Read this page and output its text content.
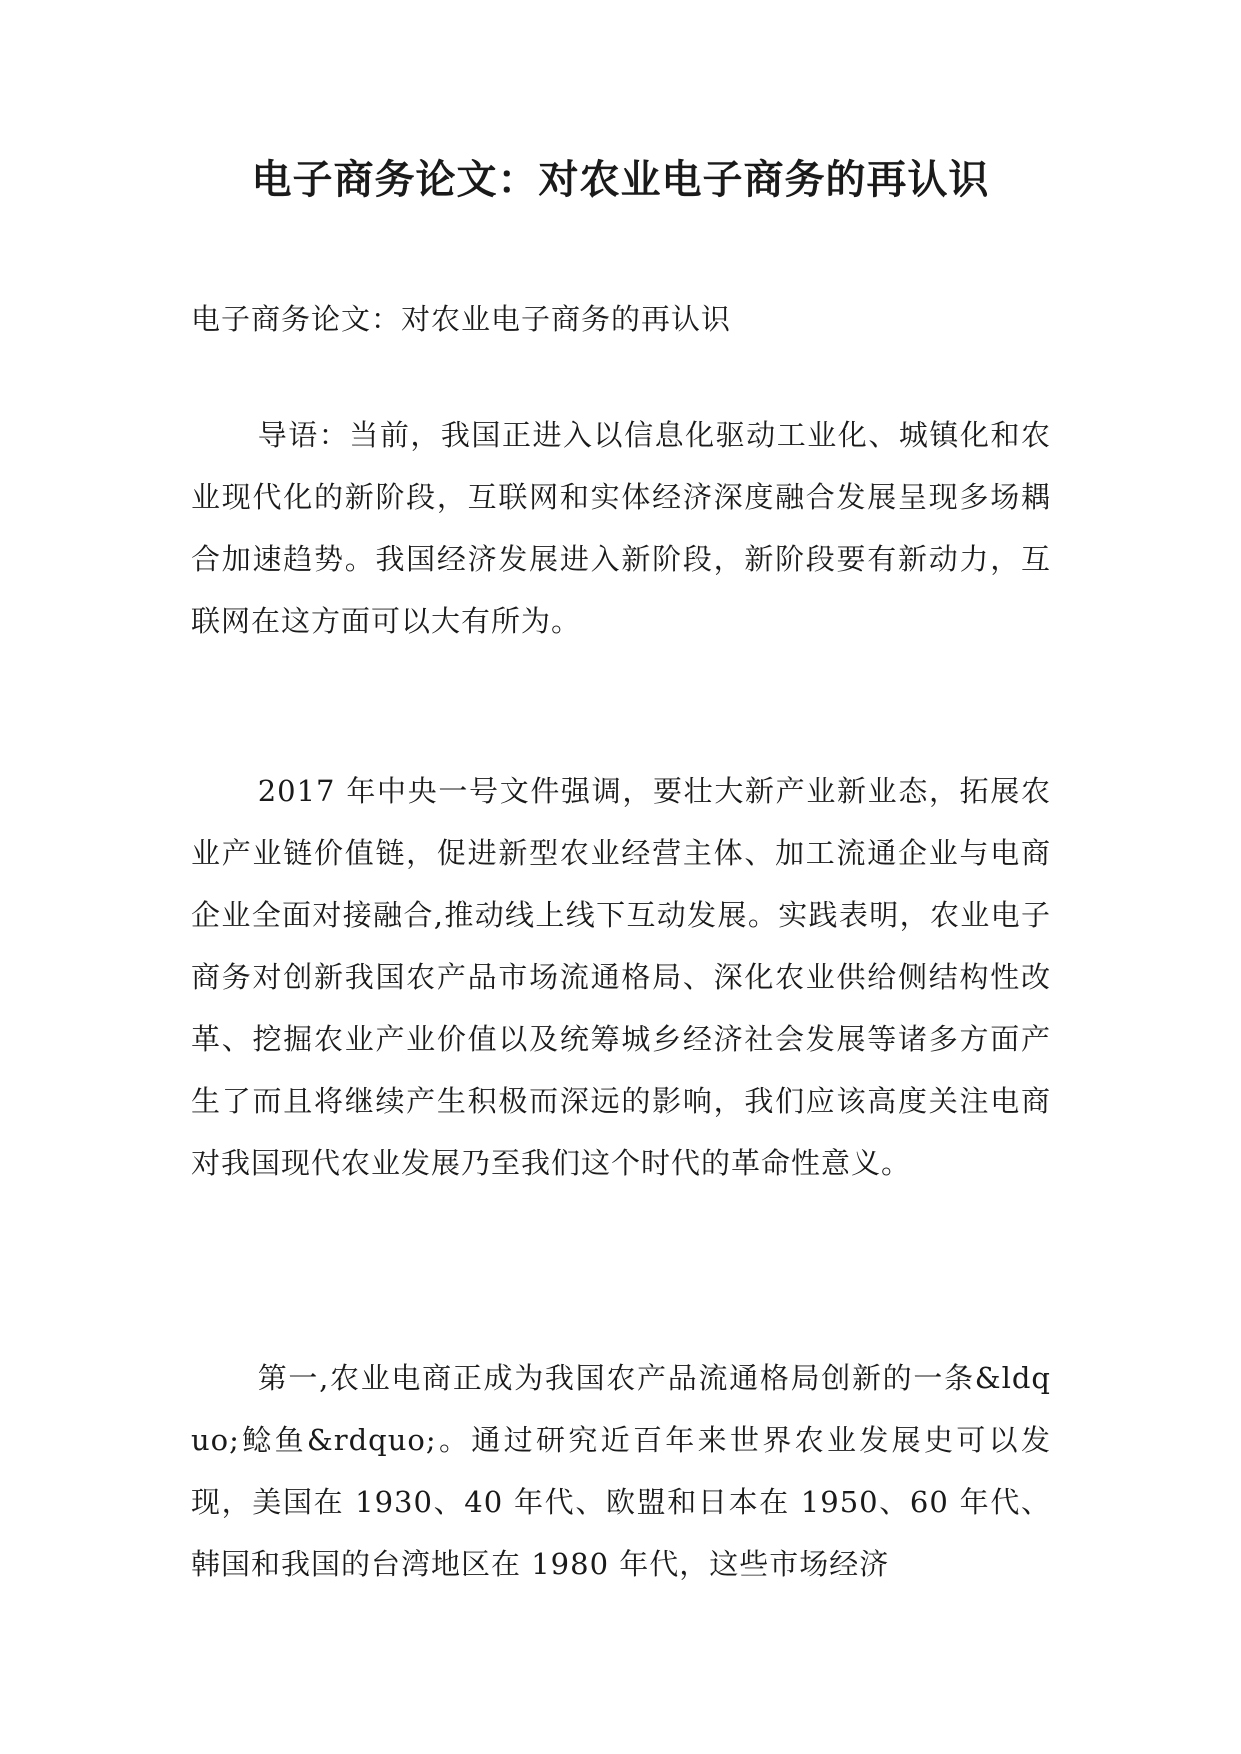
电子商务论文：对农业电子商务的再认识

电子商务论文：对农业电子商务的再认识

导语：当前，我国正进入以信息化驱动工业化、城镇化和农业现代化的新阶段，互联网和实体经济深度融合发展呈现多场耦合加速趋势。我国经济发展进入新阶段，新阶段要有新动力，互联网在这方面可以大有所为。

2017 年中央一号文件强调，要壮大新产业新业态，拓展农业产业链价值链，促进新型农业经营主体、加工流通企业与电商企业全面对接融合,推动线上线下互动发展。实践表明，农业电子商务对创新我国农产品市场流通格局、深化农业供给侧结构性改革、挖掘农业产业价值以及统筹城乡经济社会发展等诸多方面产生了而且将继续产生积极而深远的影响，我们应该高度关注电商对我国现代农业发展乃至我们这个时代的革命性意义。

第一,农业电商正成为我国农产品流通格局创新的一条&ldquo;鲶鱼&rdquo;。通过研究近百年来世界农业发展史可以发现，美国在 1930、40 年代、欧盟和日本在 1950、60 年代、韩国和我国的台湾地区在 1980 年代，这些市场经济
